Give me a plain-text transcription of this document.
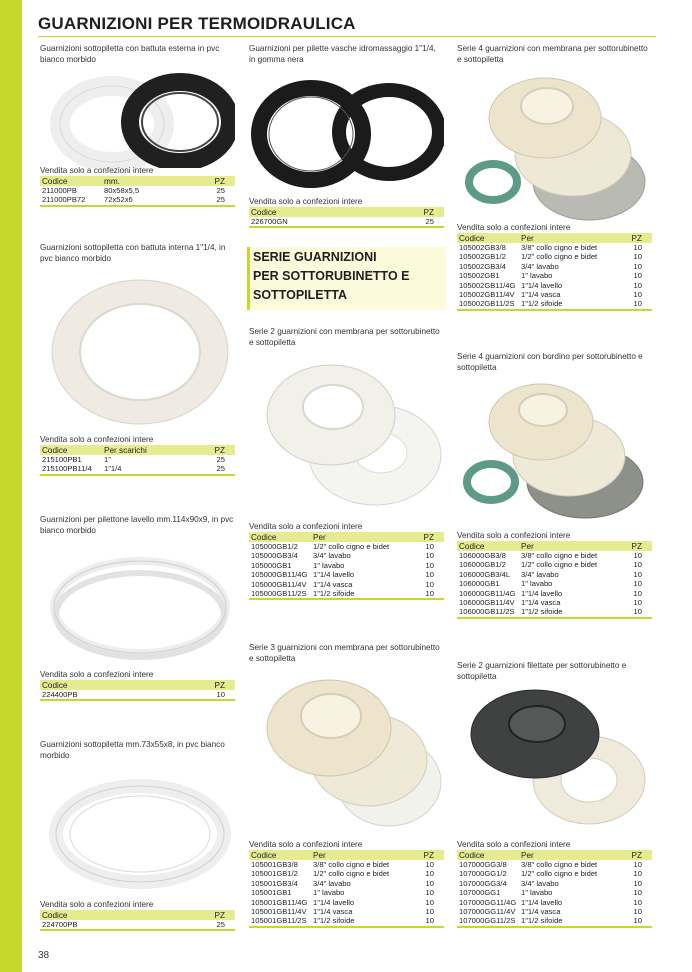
GUARNIZIONI PER TERMOIDRAULICA
38
SERIE GUARNIZIONI
PER SOTTORUBINETTO E
SOTTOPILETTA

Guarnizioni sottopiletta con battuta esterna in pvc bianco morbido

Vendita solo a confezioni intere

Codice	mm.	PZ
211000PB	80x58x5,5	25
211000PB72	72x52x6	25

Guarnizioni sottopiletta con battuta interna 1"1/4, in pvc bianco morbido

Vendita solo a confezioni intere

Codice	Per scarichi	PZ
215100PB1	1"	25
215100PB11/4	1"1/4	25

Guarnizioni per pilettone lavello mm.114x90x9, in pvc bianco morbido

Vendita solo a confezioni intere

Codice		PZ
224400PB		10

Guarnizioni sottopiletta mm.73x55x8, in pvc bianco morbido

Vendita solo a confezioni intere

Codice		PZ
224700PB		25

Guarnizioni per pilette vasche idromassaggio 1"1/4, in gomma nera

Vendita solo a confezioni intere

Codice		PZ
226700GN		25

Serie 2 guarnizioni con membrana per sottorubinetto e sottopiletta

Vendita solo a confezioni intere

Codice	Per	PZ
105000GB1/2	1/2" collo cigno e bidet	10
105000GB3/4	3/4" lavabo	10
105000GB1	1" lavabo	10
105000GB11/4G	1"1/4 lavello	10
105000GB11/4V	1"1/4 vasca	10
105000GB11/2S	1"1/2 sifoide	10

Serie 3 guarnizioni con membrana per sottorubinetto e sottopiletta

Vendita solo a confezioni intere

Codice	Per	PZ
105001GB3/8	3/8" collo cigno e bidet	10
105001GB1/2	1/2" collo cigno e bidet	10
105001GB3/4	3/4" lavabo	10
105001GB1	1" lavabo	10
105001GB11/4G	1"1/4 lavello	10
105001GB11/4V	1"1/4 vasca	10
105001GB11/2S	1"1/2 sifoide	10

Serie 4 guarnizioni con membrana per sottorubinetto e sottopiletta

Vendita solo a confezioni intere

Codice	Per	PZ
105002GB3/8	3/8" collo cigno e bidet	10
105002GB1/2	1/2" collo cigno e bidet	10
105002GB3/4	3/4" lavabo	10
105002GB1	1" lavabo	10
105002GB11/4G	1"1/4 lavello	10
105002GB11/4V	1"1/4 vasca	10
105002GB11/2S	1"1/2 sifoide	10

Serie 4 guarnizioni con bordino per sottorubinetto e sottopiletta

Vendita solo a confezioni intere

Codice	Per	PZ
106000GB3/8	3/8" collo cigno e bidet	10
106000GB1/2	1/2" collo cigno e bidet	10
106000GB3/4L	3/4" lavabo	10
106000GB1	1" lavabo	10
106000GB11/4G	1"1/4 lavello	10
106000GB11/4V	1"1/4 vasca	10
106000GB11/2S	1"1/2 sifoide	10

Serie 2 guarnizioni filettate per sottorubinetto e sottopiletta

Vendita solo a confezioni intere

Codice	Per	PZ
107000GG3/8	3/8" collo cigno e bidet	10
107000GG1/2	1/2" collo cigno e bidet	10
107000GG3/4	3/4" lavabo	10
107000GG1	1" lavabo	10
107000GG11/4G	1"1/4 lavello	10
107000GG11/4V	1"1/4 vasca	10
107000GG11/2S	1"1/2 sifoide	10
